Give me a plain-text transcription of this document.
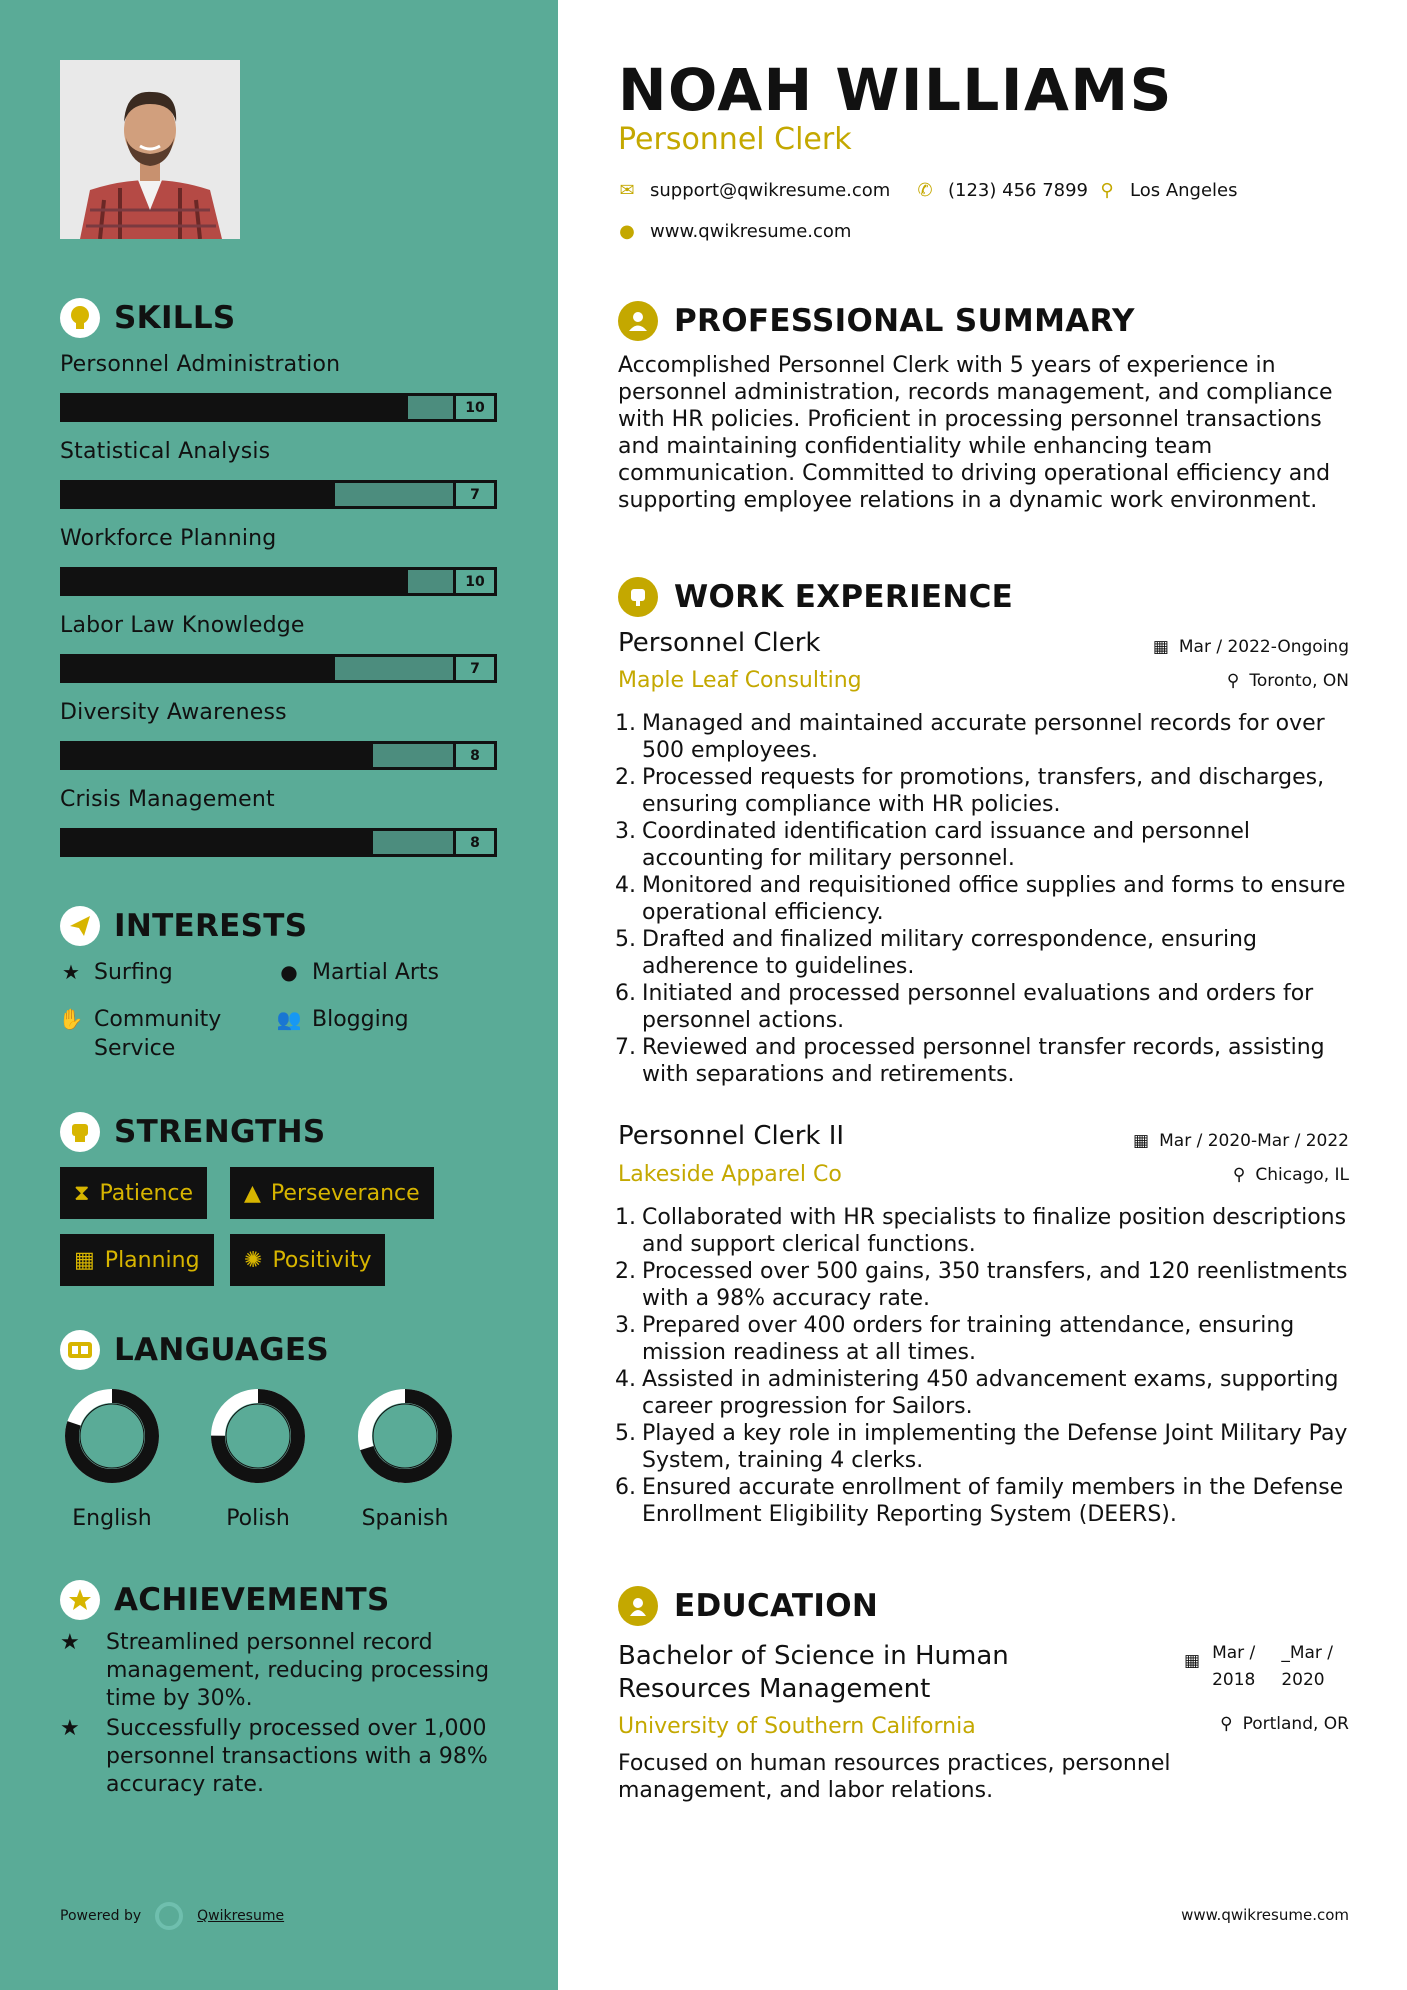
SKILLS
Personnel Administration
10
Statistical Analysis
7
Workforce Planning
10
Labor Law Knowledge
7
Diversity Awareness
8
Crisis Management
8
INTERESTS
★ Surfing	● Martial Arts
✋ Community Service
👥 Blogging
STRENGTHS
⧗ Patience ▲ Perseverance
▦ Planning ✺ Positivity
LANGUAGES
English	Polish	Spanish
ACHIEVEMENTS
★	Streamlined personnel record management, reducing processing time by 30%.
★	Successfully processed over 1,000 personnel transactions with a 98% accuracy rate.
Powered by	Qwikresume
NOAH WILLIAMS
Personnel Clerk
✉ support@qwikresume.com ✆ (123) 456 7899 ⚲ Los Angeles
● www.qwikresume.com
PROFESSIONAL SUMMARY
Accomplished Personnel Clerk with 5 years of experience in personnel administration, records management, and compliance with HR policies. Proficient in processing personnel transactions and maintaining confidentiality while enhancing team communication. Committed to driving operational efficiency and supporting employee relations in a dynamic work environment.
WORK EXPERIENCE
Personnel Clerk	▦ Mar / 2022-Ongoing
Maple Leaf Consulting	⚲ Toronto, ON
1. Managed and maintained accurate personnel records for over 500 employees.
2. Processed requests for promotions, transfers, and discharges, ensuring compliance with HR policies.
3. Coordinated identification card issuance and personnel accounting for military personnel.
4. Monitored and requisitioned office supplies and forms to ensure operational efficiency.
5. Drafted and finalized military correspondence, ensuring adherence to guidelines.
6. Initiated and processed personnel evaluations and orders for personnel actions.
7. Reviewed and processed personnel transfer records, assisting with separations and retirements.
Personnel Clerk II	▦ Mar / 2020-Mar / 2022
Lakeside Apparel Co	⚲ Chicago, IL
1. Collaborated with HR specialists to finalize position descriptions and support clerical functions.
2. Processed over 500 gains, 350 transfers, and 120 reenlistments with a 98% accuracy rate.
3. Prepared over 400 orders for training attendance, ensuring mission readiness at all times.
4. Assisted in administering 450 advancement exams, supporting career progression for Sailors.
5. Played a key role in implementing the Defense Joint Military Pay System, training 4 clerks.
6. Ensured accurate enrollment of family members in the Defense Enrollment Eligibility Reporting System (DEERS).
EDUCATION
Bachelor of Science in Human Resources Management
▦ Mar /
2018
_Mar /
2020
University of Southern California	⚲ Portland, OR
Focused on human resources practices, personnel management, and labor relations.
www.qwikresume.com
